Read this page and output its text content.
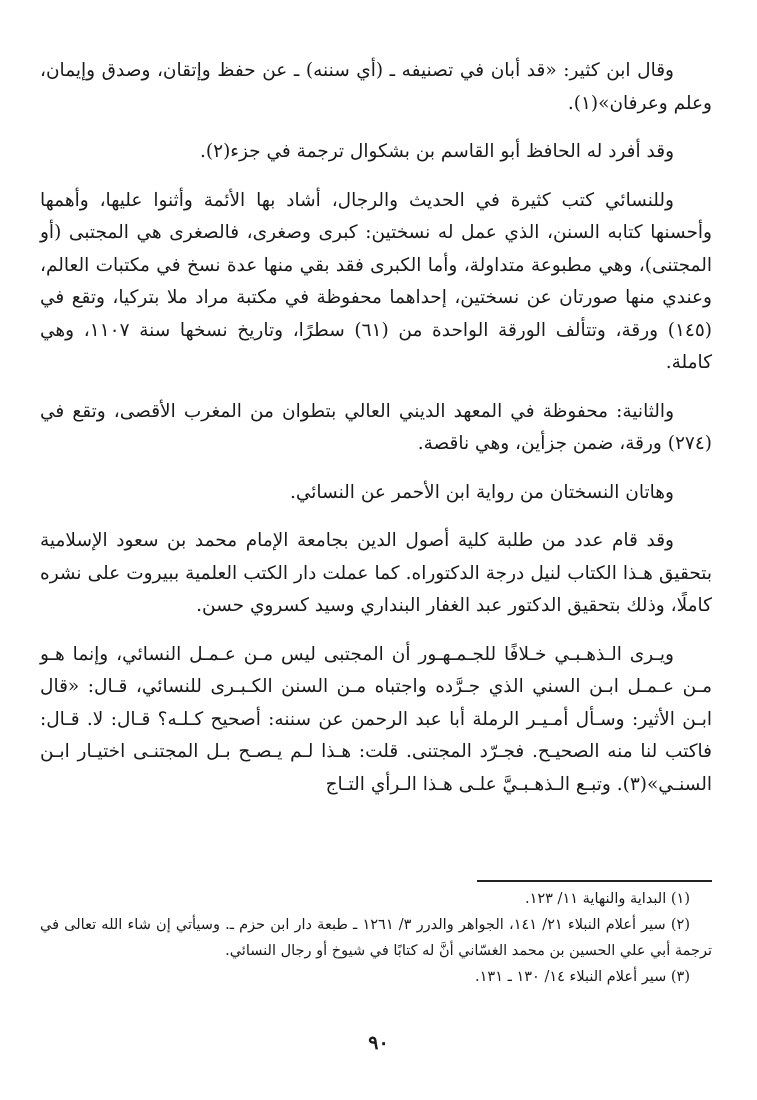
وقال ابن كثير: «قد أبان في تصنيفه ـ (أي سننه) ـ عن حفظ وإتقان، وصدق وإيمان، وعلم وعرفان»(١).

وقد أفرد له الحافظ أبو القاسم بن بشكوال ترجمة في جزء(٢).

وللنسائي كتب كثيرة في الحديث والرجال، أشاد بها الأئمة وأثنوا عليها، وأهمها وأحسنها كتابه السنن، الذي عمل له نسختين: كبرى وصغرى، فالصغرى هي المجتبى (أو المجتنى)، وهي مطبوعة متداولة، وأما الكبرى فقد بقي منها عدة نسخ في مكتبات العالم، وعندي منها صورتان عن نسختين، إحداهما محفوظة في مكتبة مراد ملا بتركيا، وتقع في (١٤٥) ورقة، وتتألف الورقة الواحدة من (٦١) سطرًا، وتاريخ نسخها سنة ١١٠٧، وهي كاملة.

والثانية: محفوظة في المعهد الديني العالي بتطوان من المغرب الأقصى، وتقع في (٢٧٤) ورقة، ضمن جزأين، وهي ناقصة.

وهاتان النسختان من رواية ابن الأحمر عن النسائي.

وقد قام عدد من طلبة كلية أصول الدين بجامعة الإمام محمد بن سعود الإسلامية بتحقيق هـذا الكتاب لنيل درجة الدكتوراه. كما عملت دار الكتب العلمية ببيروت على نشره كاملًا، وذلك بتحقيق الدكتور عبد الغفار البنداري وسيد كسروي حسن.

ويـرى الـذهـبـي خـلافًا للجـمـهـور أن المجتبى ليس مـن عـمـل النسائي، وإنما هـو مـن عـمـل ابـن السني الذي جـرَّده واجتباه مـن السنن الكـبـرى للنسائي، قـال: «قال ابـن الأثير: وسـأل أمـيـر الرملة أبا عبد الرحمن عن سننه: أصحيح كـلـه؟ قـال: لا. قـال: فاكتب لنا منه الصحيـح. فجـرّد المجتنى. قلت: هـذا لـم يـصـح بـل المجتنـى اختيـار ابـن السنـي»(٣). وتبـع الـذهـبـيَّ علـى هـذا الـرأي التـاج

(١) البداية والنهاية ١١/ ١٢٣.

(٢) سير أعلام النبلاء ٢١/ ١٤١، الجواهر والدرر ٣/ ١٢٦١ ـ طبعة دار ابن حزم ـ. وسيأتي إن شاء الله تعالى في ترجمة أبي علي الحسين بن محمد الغسّاني أنَّ له كتابًا في شيوخ أو رجال النسائي.

(٣) سير أعلام النبلاء ١٤/ ١٣٠ ـ ١٣١.

٩٠
